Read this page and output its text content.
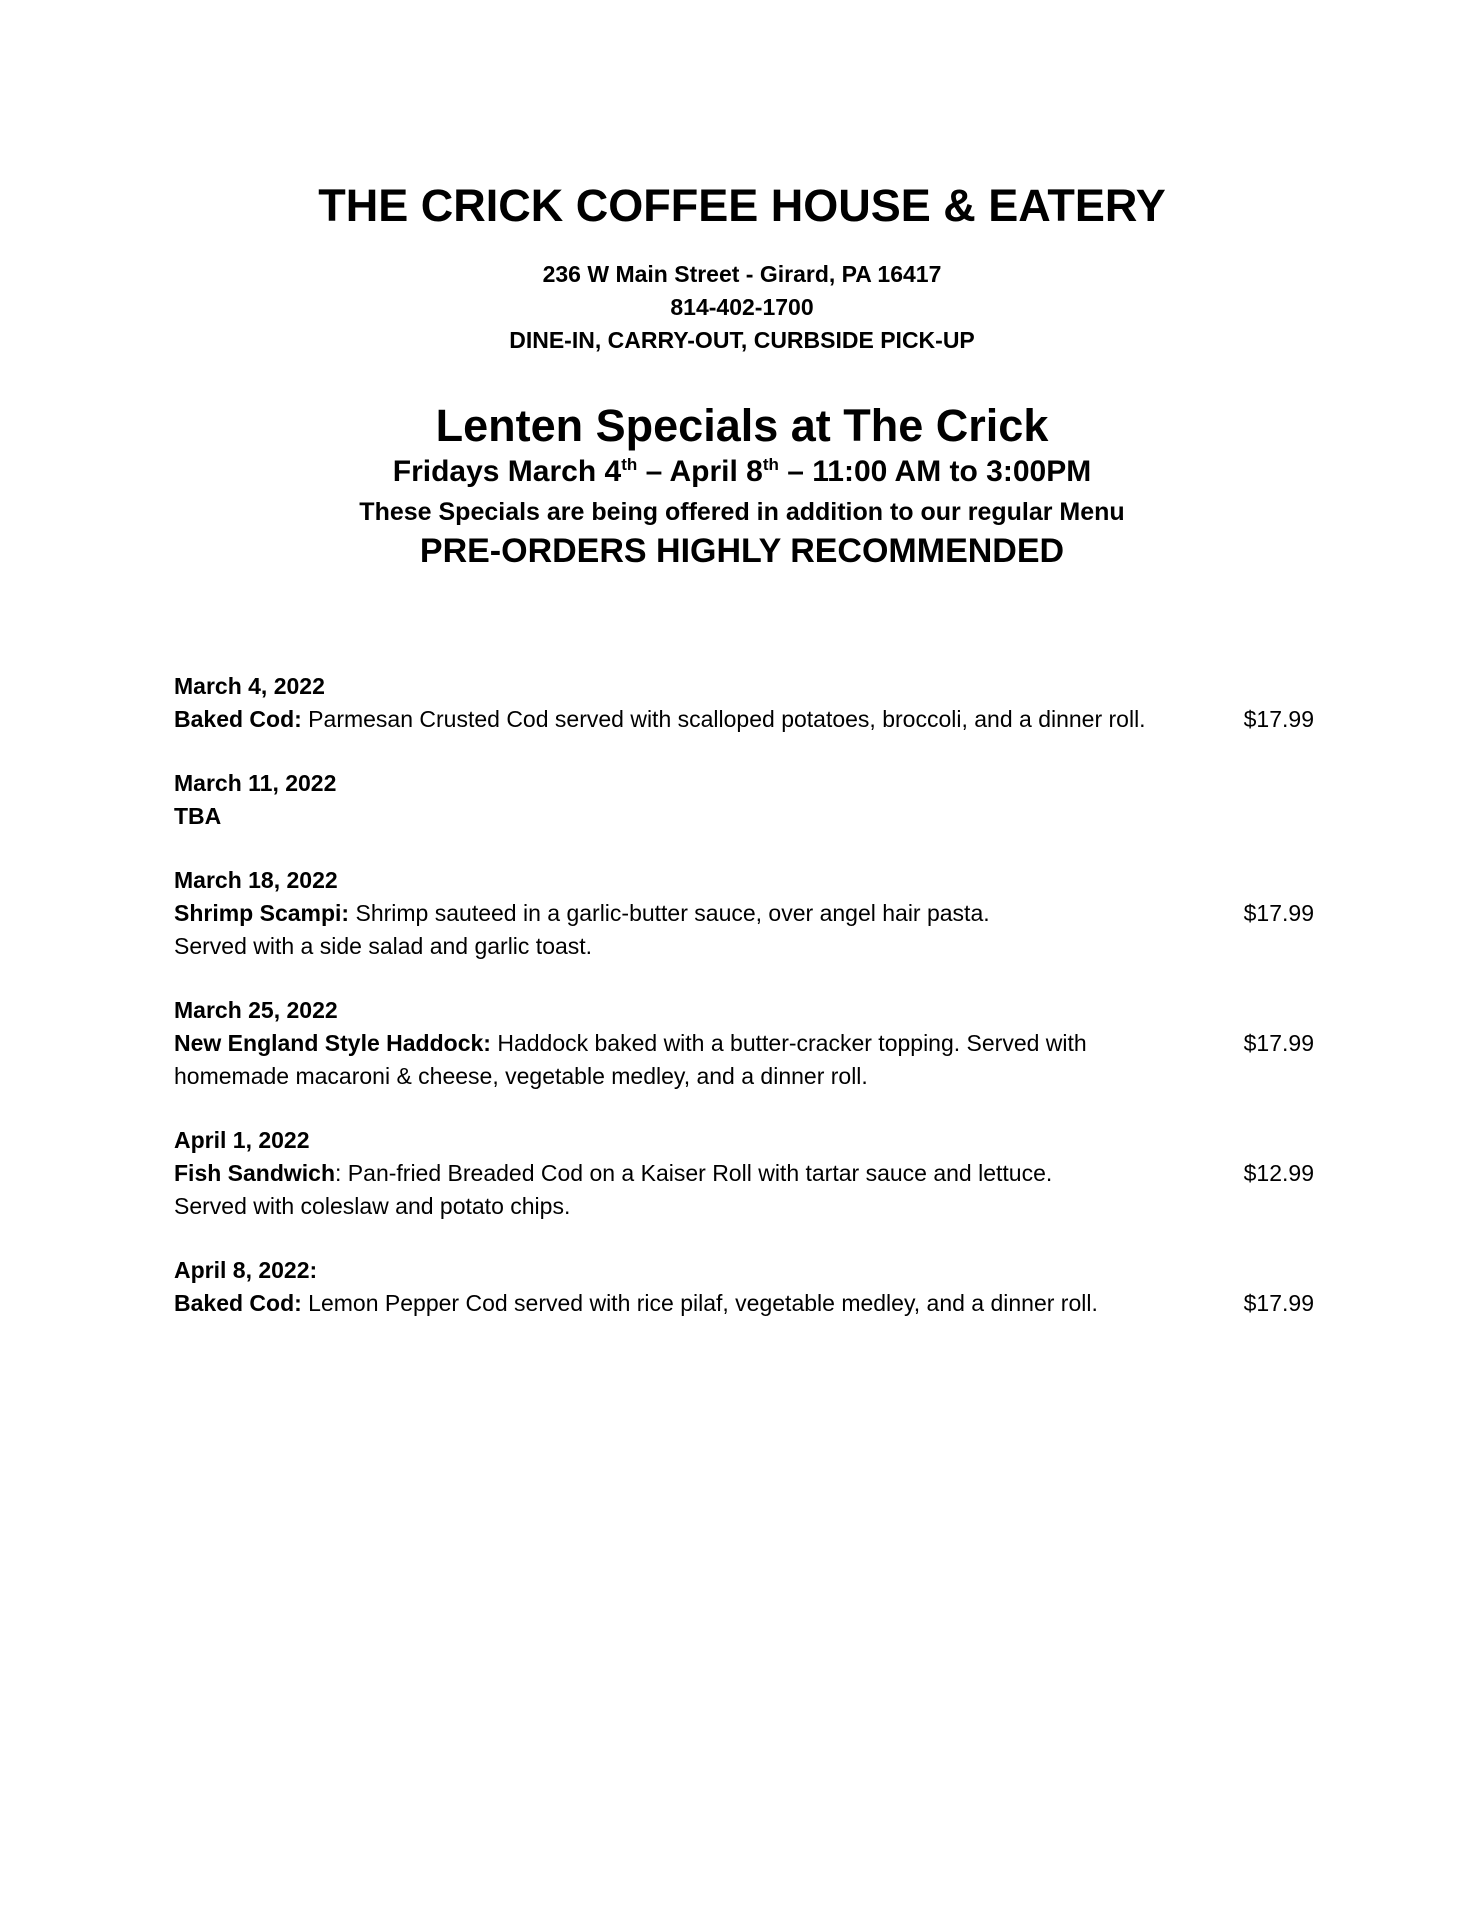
THE CRICK COFFEE HOUSE & EATERY
236 W Main Street - Girard, PA 16417
814-402-1700
DINE-IN, CARRY-OUT, CURBSIDE PICK-UP
Lenten Specials at The Crick
Fridays March 4th – April 8th – 11:00 AM to 3:00PM
These Specials are being offered in addition to our regular Menu
PRE-ORDERS HIGHLY RECOMMENDED
March 4, 2022
Baked Cod: Parmesan Crusted Cod served with scalloped potatoes, broccoli, and a dinner roll.	$17.99
March 11, 2022
TBA
March 18, 2022
Shrimp Scampi: Shrimp sauteed in a garlic-butter sauce, over angel hair pasta.
Served with a side salad and garlic toast.
$17.99
March 25, 2022
New England Style Haddock: Haddock baked with a butter-cracker topping. Served with
homemade macaroni & cheese, vegetable medley, and a dinner roll.
$17.99
April 1, 2022
Fish Sandwich: Pan-fried Breaded Cod on a Kaiser Roll with tartar sauce and lettuce.
Served with coleslaw and potato chips.
$12.99
April 8, 2022:
Baked Cod: Lemon Pepper Cod served with rice pilaf, vegetable medley, and a dinner roll.	$17.99
